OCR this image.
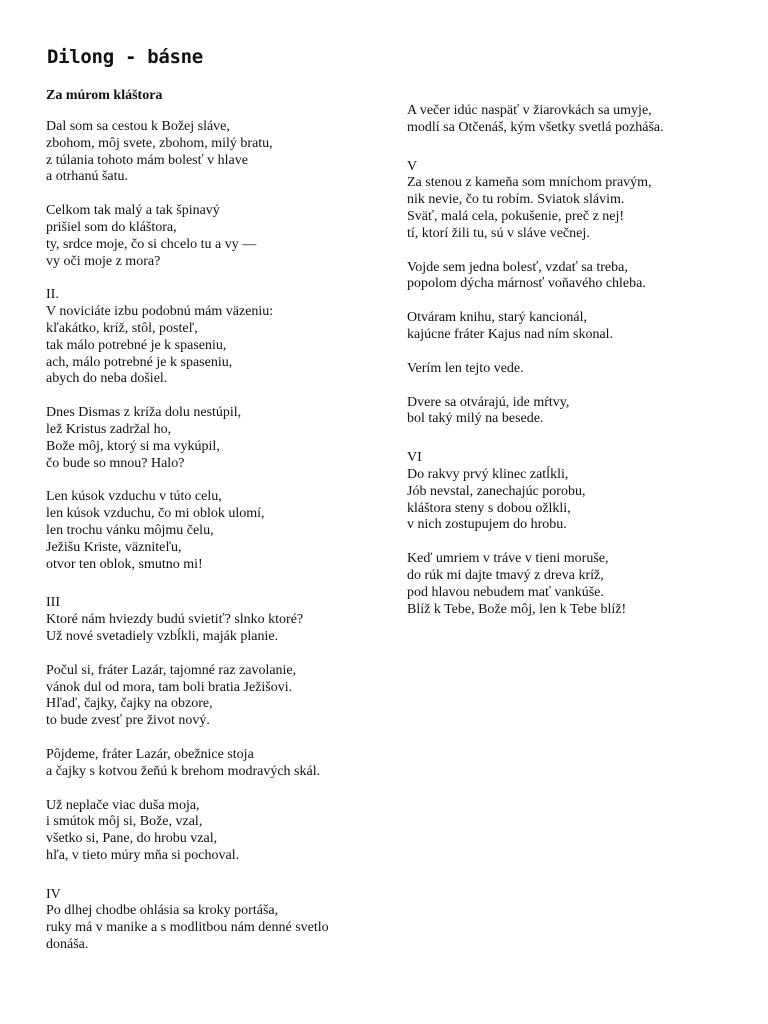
Dilong - básne
Za múrom kláštora
Dal som sa cestou k Božej sláve,
zbohom, môj svete, zbohom, milý bratu,
z túlania tohoto mám bolesť v hlave
a otrhanú šatu.
Celkom tak malý a tak špinavý
prišiel som do kláštora,
ty, srdce moje, čo si chcelo tu a vy —
vy oči moje z mora?
II.
V noviciáte izbu podobnú mám väzeniu:
kľakátko, kríž, stôl, posteľ,
tak málo potrebné je k spaseniu,
ach, málo potrebné je k spaseniu,
abych do neba došiel.
Dnes Dismas z kríža dolu nestúpil,
lež Kristus zadržal ho,
Bože môj, ktorý si ma vykúpil,
čo bude so mnou? Halo?
Len kúsok vzduchu v túto celu,
len kúsok vzduchu, čo mi oblok ulomí,
len trochu vánku môjmu čelu,
Ježišu Kriste, väzniteľu,
otvor ten oblok, smutno mi!
III
Ktoré nám hviezdy budú svietiť? slnko ktoré?
Už nové svetadiely vzbĺkli, maják planie.
Počul si, fráter Lazár, tajomné raz zavolanie,
vánok dul od mora, tam boli bratia Ježišovi.
Hľaď, čajky, čajky na obzore,
to bude zvesť pre život nový.
Pôjdeme, fráter Lazár, obežnice stoja
a čajky s kotvou žeňú k brehom modravých skál.
Už neplače viac duša moja,
i smútok môj si, Bože, vzal,
všetko si, Pane, do hrobu vzal,
hľa, v tieto múry mňa si pochoval.
IV
Po dlhej chodbe ohlásia sa kroky portáša,
ruky má v manike a s modlitbou nám denné svetlo
donáša.
A večer idúc naspäť v žiarovkách sa umyje,
modlí sa Otčenáš, kým všetky svetlá pozháša.
V
Za stenou z kameňa som mníchom pravým,
nik nevie, čo tu robím. Sviatok slávim.
Sväť, malá cela, pokušenie, preč z nej!
tí, ktorí žili tu, sú v sláve večnej.
Vojde sem jedna bolesť, vzdať sa treba,
popolom dýcha márnosť voňavého chleba.
Otváram knihu, starý kancionál,
kajúcne fráter Kajus nad ním skonal.
Verím len tejto vede.
Dvere sa otvárajú, ide mŕtvy,
bol taký milý na besede.
VI
Do rakvy prvý klinec zatĺkli,
Jób nevstal, zanechajúc porobu,
kláštora steny s dobou ožlkli,
v nich zostupujem do hrobu.
Keď umriem v tráve v tieni moruše,
do rúk mi dajte tmavý z dreva kríž,
pod hlavou nebudem mať vankúše.
Blíž k Tebe, Bože môj, len k Tebe blíž!
